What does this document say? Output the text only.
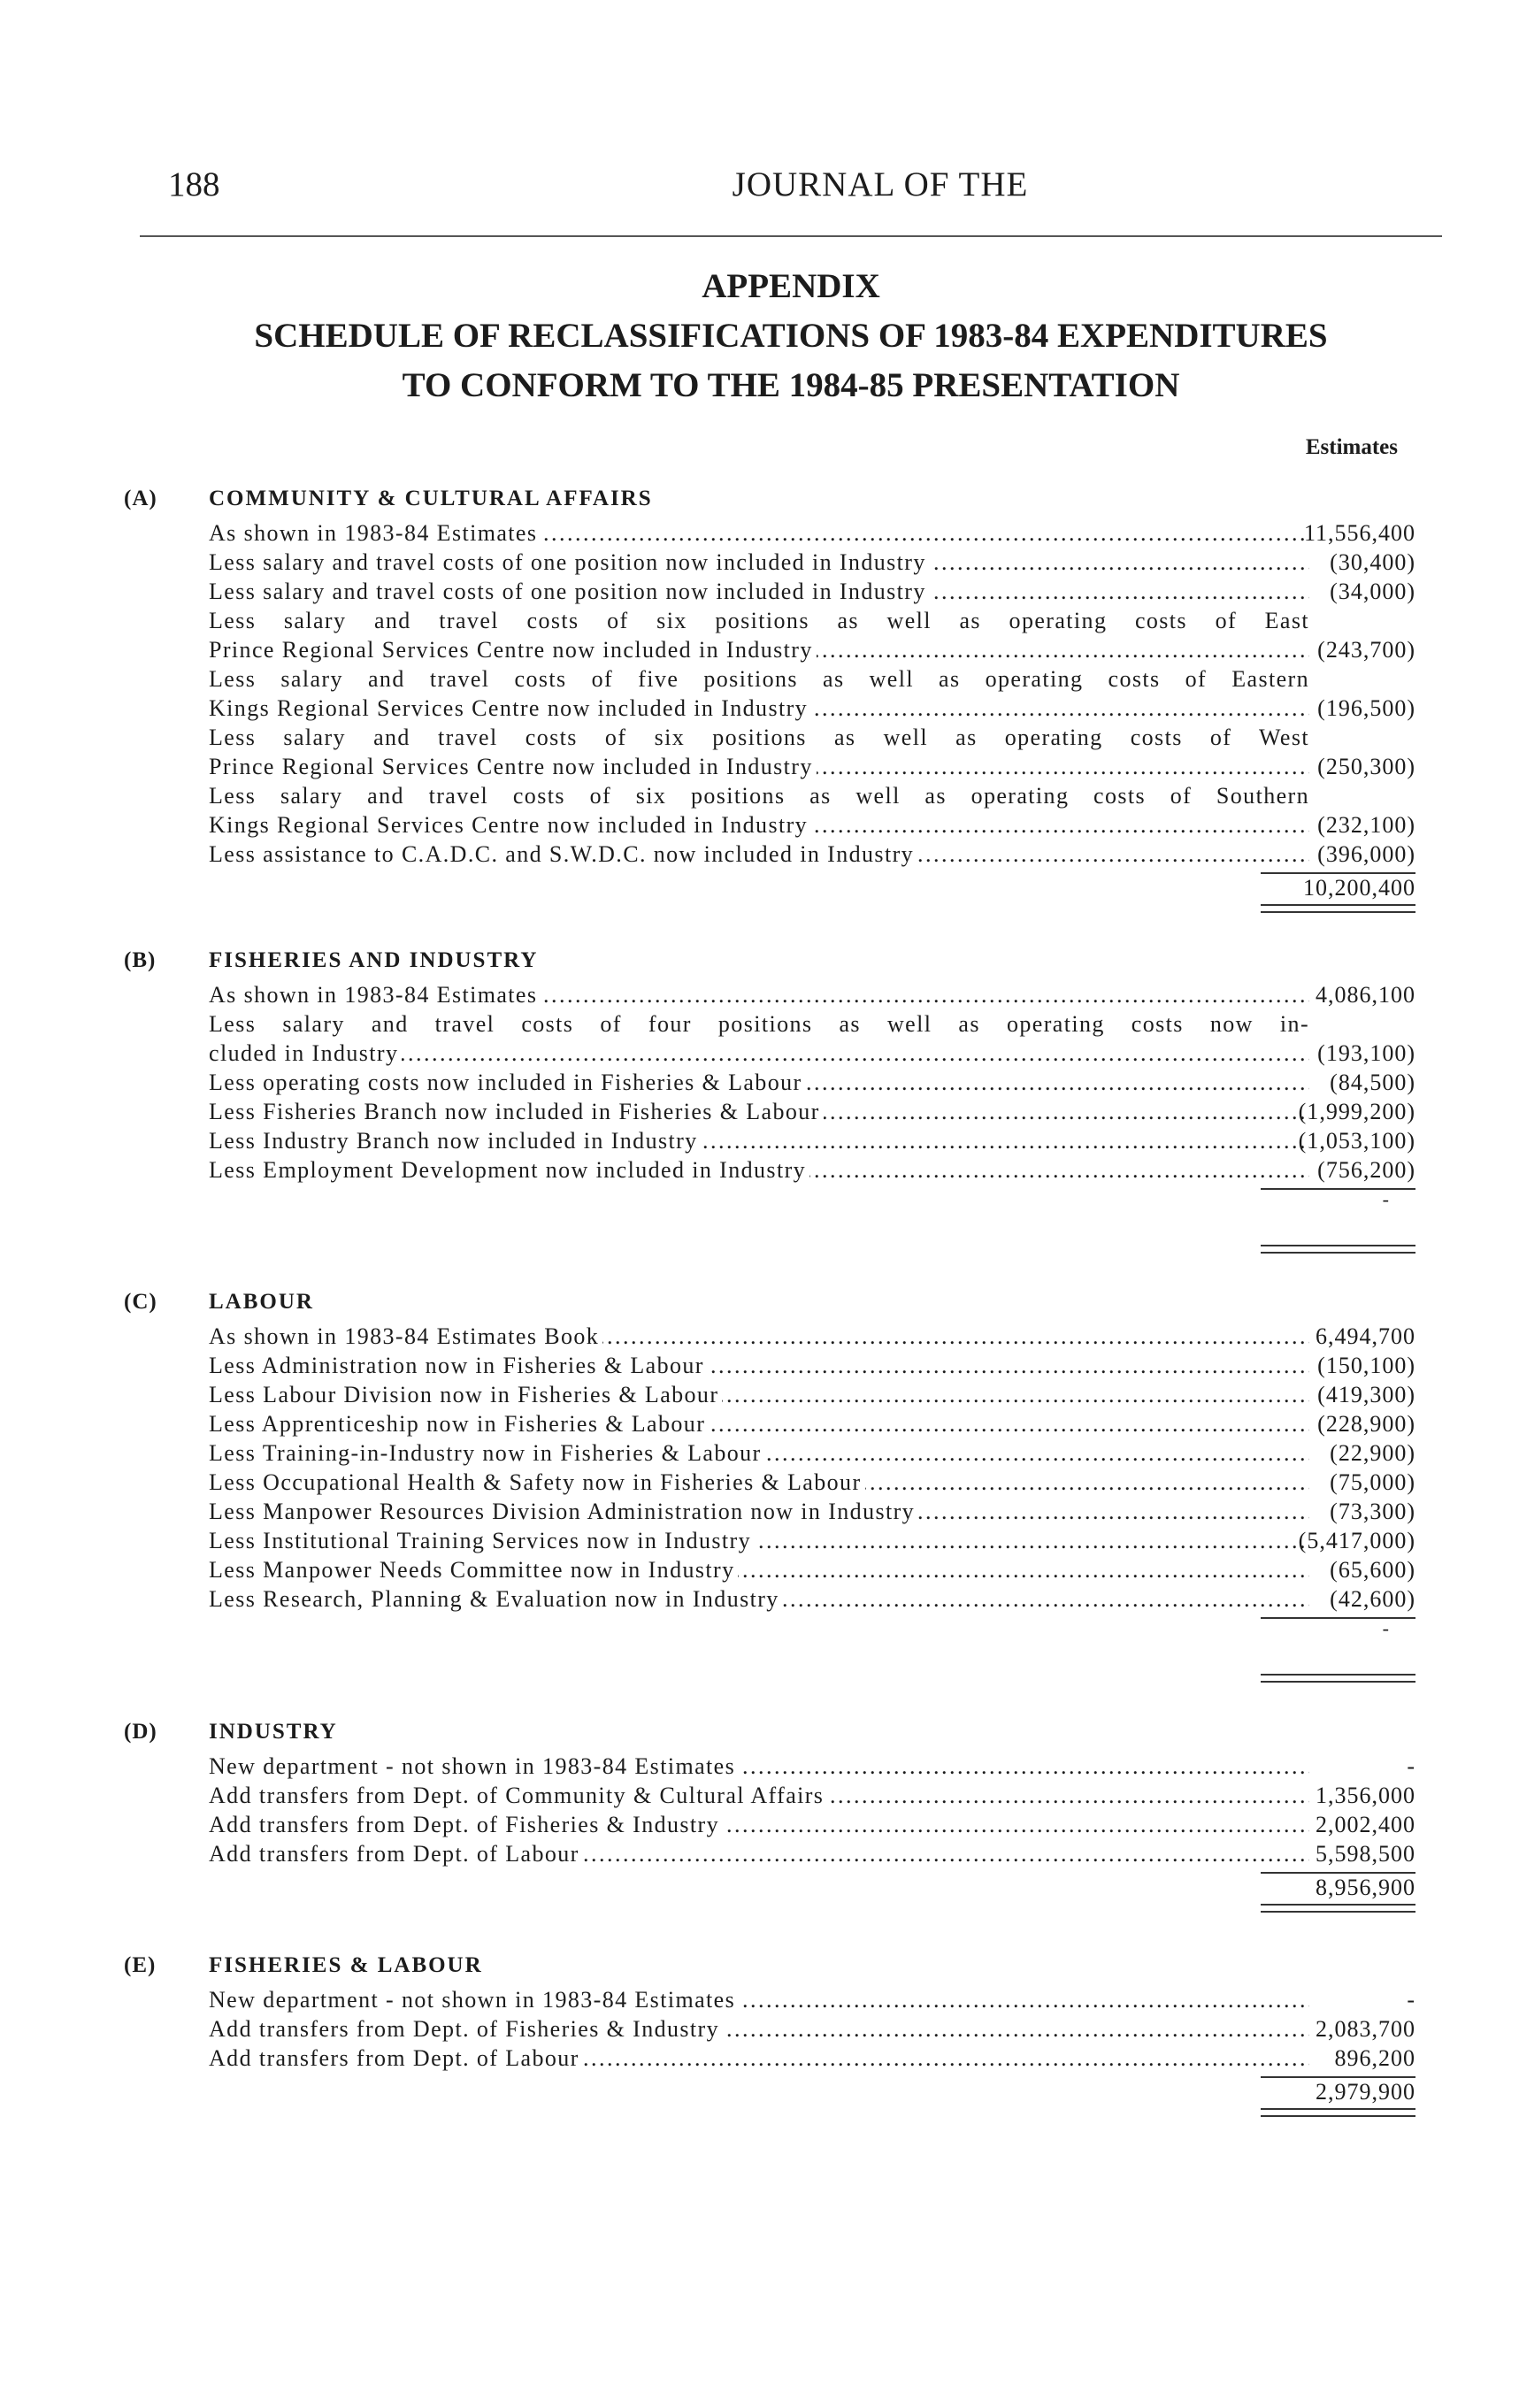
188	JOURNAL OF THE
APPENDIX
SCHEDULE OF RECLASSIFICATIONS OF 1983-84 EXPENDITURES
TO CONFORM TO THE 1984-85 PRESENTATION
Estimates
(A) COMMUNITY & CULTURAL AFFAIRS
As shown in 1983-84 Estimates . . .	11,556,400
Less salary and travel costs of one position now included in Industry . . .	(30,400)
Less salary and travel costs of one position now included in Industry . . .	(34,000)
Less salary and travel costs of six positions as well as operating costs of East
Prince Regional Services Centre now included in Industry . . .	(243,700)
Less salary and travel costs of five positions as well as operating costs of Eastern
Kings Regional Services Centre now included in Industry . . .	(196,500)
Less salary and travel costs of six positions as well as operating costs of West
Prince Regional Services Centre now included in Industry . . .	(250,300)
Less salary and travel costs of six positions as well as operating costs of Southern
Kings Regional Services Centre now included in Industry . . .	(232,100)
Less assistance to C.A.D.C. and S.W.D.C. now included in Industry . . .	(396,000)
10,200,400
(B) FISHERIES AND INDUSTRY
As shown in 1983-84 Estimates . . .	4,086,100
Less salary and travel costs of four positions as well as operating costs now in-
cluded in Industry . . .	(193,100)
Less operating costs now included in Fisheries & Labour . . .	(84,500)
Less Fisheries Branch now included in Fisheries & Labour . . .	(1,999,200)
Less Industry Branch now included in Industry . . .	(1,053,100)
Less Employment Development now included in Industry . . .	(756,200)
-
(C) LABOUR
As shown in 1983-84 Estimates Book . . .	6,494,700
Less Administration now in Fisheries & Labour . . .	(150,100)
Less Labour Division now in Fisheries & Labour . . .	(419,300)
Less Apprenticeship now in Fisheries & Labour . . .	(228,900)
Less Training-in-Industry now in Fisheries & Labour . . .	(22,900)
Less Occupational Health & Safety now in Fisheries & Labour . . .	(75,000)
Less Manpower Resources Division Administration now in Industry . . .	(73,300)
Less Institutional Training Services now in Industry . . .	(5,417,000)
Less Manpower Needs Committee now in Industry . . .	(65,600)
Less Research, Planning & Evaluation now in Industry . . .	(42,600)
-
(D) INDUSTRY
New department - not shown in 1983-84 Estimates . . .	-
Add transfers from Dept. of Community & Cultural Affairs . . .	1,356,000
Add transfers from Dept. of Fisheries & Industry . . .	2,002,400
Add transfers from Dept. of Labour . . .	5,598,500
8,956,900
(E) FISHERIES & LABOUR
New department - not shown in 1983-84 Estimates . . .	-
Add transfers from Dept. of Fisheries & Industry . . .	2,083,700
Add transfers from Dept. of Labour . . .	896,200
2,979,900
